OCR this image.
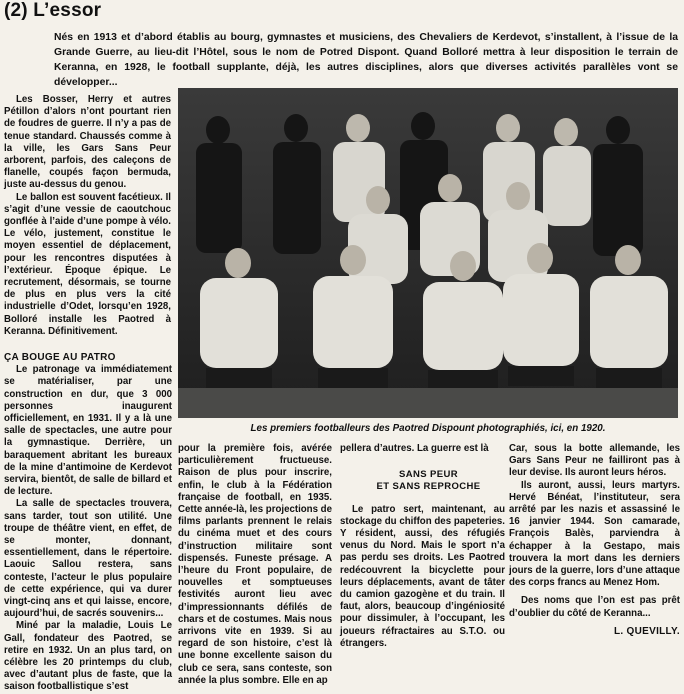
(2) L’essor
Nés en 1913 et d’abord établis au bourg, gymnastes et musiciens, des Chevaliers de Kerdevot, s’installent, à l’issue de la Grande Guerre, au lieu-dit l’Hôtel, sous le nom de Potred Dispont. Quand Bolloré mettra à leur disposition le terrain de Keranna, en 1928, le football supplante, déjà, les autres disciplines, alors que diverses activités parallèles vont se développer...

Les Bosser, Herry et autres Pétillon d’alors n’ont pourtant rien de foudres de guerre. Il n’y a pas de tenue standard. Chaussés comme à la ville, les Gars Sans Peur arborent, parfois, des caleçons de flanelle, coupés façon bermuda, juste au-dessus du genou.

Le ballon est souvent facétieux. Il s’agit d’une vessie de caoutchouc gonflée à l’aide d’une pompe à vélo. Le vélo, justement, constitue le moyen essentiel de déplacement, pour les rencontres disputées à l’extérieur. Époque épique. Le recrutement, désormais, se tourne de plus en plus vers la cité industrielle d’Odet, lorsqu’en 1928, Bolloré installe les Paotred à Keranna. Définitivement.

ÇA BOUGE AU PATRO

Le patronage va immédiatement se matérialiser, par une construction en dur, que 3 000 personnes inaugurent officiellement, en 1931. Il y a là une salle de spectacles, une autre pour la gymnastique. Derrière, un baraquement abritant les bureaux de la mine d’antimoine de Kerdevot servira, bientôt, de salle de billard et de lecture.

La salle de spectacles trouvera, sans tarder, tout son utilité. Une troupe de théâtre vient, en effet, de se monter, donnant, essentiellement, dans le répertoire. Laouic Sallou restera, sans conteste, l’acteur le plus populaire de cette expérience, qui va durer vingt-cinq ans et qui laisse, encore, aujourd’hui, de sacrés souvenirs...

Miné par la maladie, Louis Le Gall, fondateur des Paotred, se retire en 1932. Un an plus tard, on célèbre les 20 printemps du club, avec d’autant plus de faste, que la saison footballistique s’est

Les premiers footballeurs des Paotred Dispount photographiés, ici, en 1920.

pour la première fois, avérée particulièrement fructueuse. Raison de plus pour inscrire, enfin, le club à la Fédération française de football, en 1935. Cette année-là, les projections de films parlants prennent le relais du cinéma muet et des cours d’instruction militaire sont dispensés. Funeste présage. A l’heure du Front populaire, de nouvelles et somptueuses festivités auront lieu avec d’impressionnants défilés de chars et de costumes. Mais nous arrivons vite en 1939. Si au regard de son histoire, c’est là une bonne excellente saison du club ce sera, sans conteste, son année la plus sombre. Elle en ap

pellera d’autres. La guerre est là

SANS PEUR

ET SANS REPROCHE

Le patro sert, maintenant, au stockage du chiffon des papeteries. Y résident, aussi, des réfugiés venus du Nord. Mais le sport n’a pas perdu ses droits. Les Paotred redécouvrent la bicyclette pour leurs déplacements, avant de tâter du camion gazogène et du train. Il faut, alors, beaucoup d’ingéniosité pour dissimuler, à l’occupant, les joueurs réfractaires au S.T.O. ou étrangers.

Car, sous la botte allemande, les Gars Sans Peur ne failliront pas à leur devise. Ils auront leurs héros.

Ils auront, aussi, leurs martyrs. Hervé Bénéat, l’instituteur, sera arrêté par les nazis et assassiné le 16 janvier 1944. Son camarade, François Balès, parviendra à échapper à la Gestapo, mais trouvera la mort dans les derniers jours de la guerre, lors d’une attaque des corps francs au Menez Hom.

Des noms que l’on est pas prêt d’oublier du côté de Keranna...

L. QUEVILLY.
